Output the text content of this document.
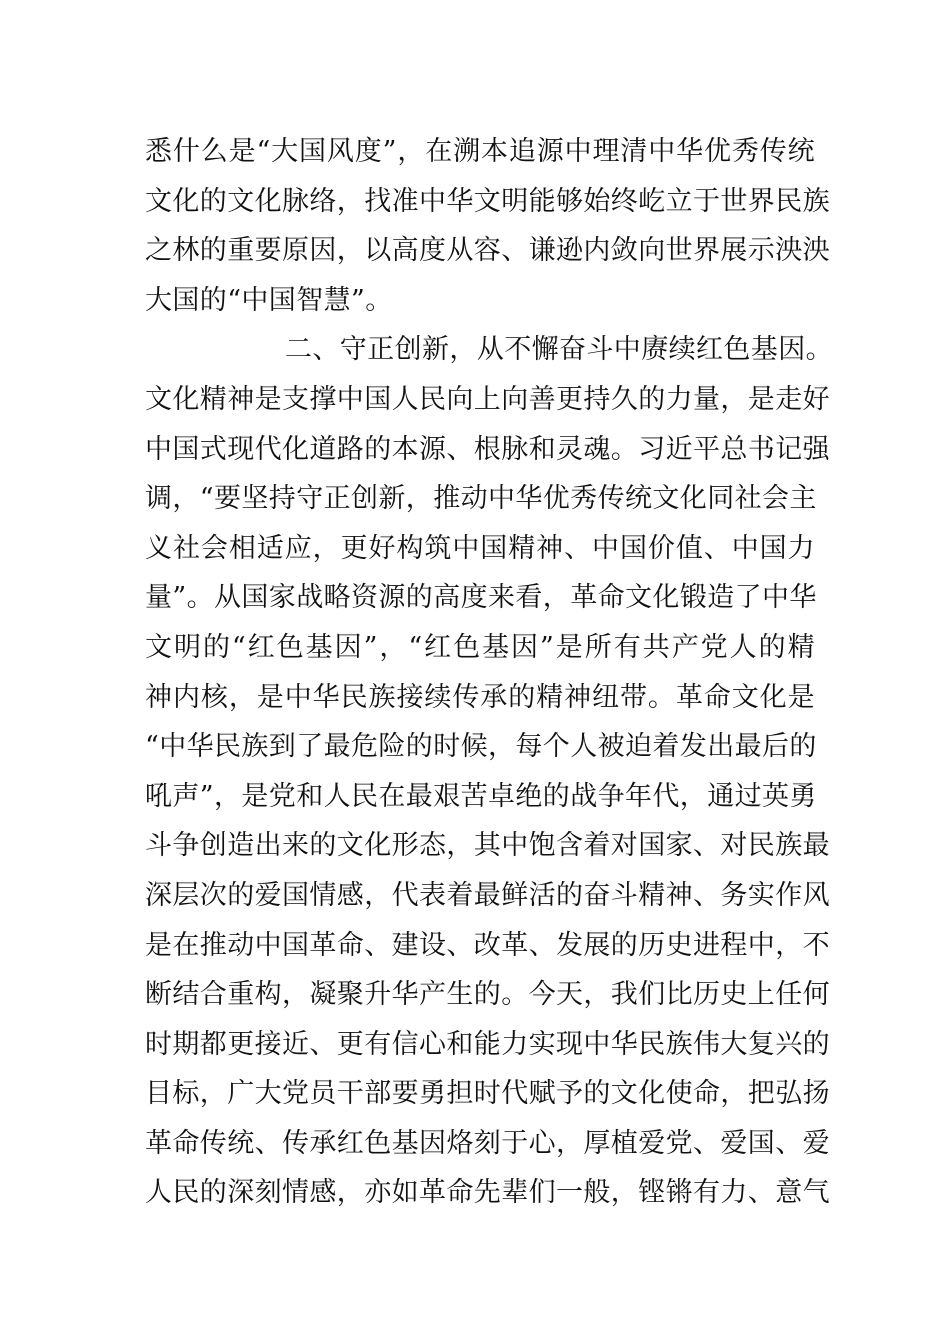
悉什么是“大国风度”，在溯本追源中理清中华优秀传统
文化的文化脉络，找准中华文明能够始终屹立于世界民族
之林的重要原因，以高度从容、谦逊内敛向世界展示泱泱
大国的“中国智慧”。
二、守正创新，从不懈奋斗中赓续红色基因。
文化精神是支撑中国人民向上向善更持久的力量，是走好
中国式现代化道路的本源、根脉和灵魂。习近平总书记强
调，“要坚持守正创新，推动中华优秀传统文化同社会主
义社会相适应，更好构筑中国精神、中国价值、中国力
量”。从国家战略资源的高度来看，革命文化锻造了中华
文明的“红色基因”，“红色基因”是所有共产党人的精
神内核，是中华民族接续传承的精神纽带。革命文化是
“中华民族到了最危险的时候，每个人被迫着发出最后的
吼声”，是党和人民在最艰苦卓绝的战争年代，通过英勇
斗争创造出来的文化形态，其中饱含着对国家、对民族最
深层次的爱国情感，代表着最鲜活的奋斗精神、务实作风
是在推动中国革命、建设、改革、发展的历史进程中，不
断结合重构，凝聚升华产生的。今天，我们比历史上任何
时期都更接近、更有信心和能力实现中华民族伟大复兴的
目标，广大党员干部要勇担时代赋予的文化使命，把弘扬
革命传统、传承红色基因烙刻于心，厚植爱党、爱国、爱
人民的深刻情感，亦如革命先辈们一般，铿锵有力、意气
